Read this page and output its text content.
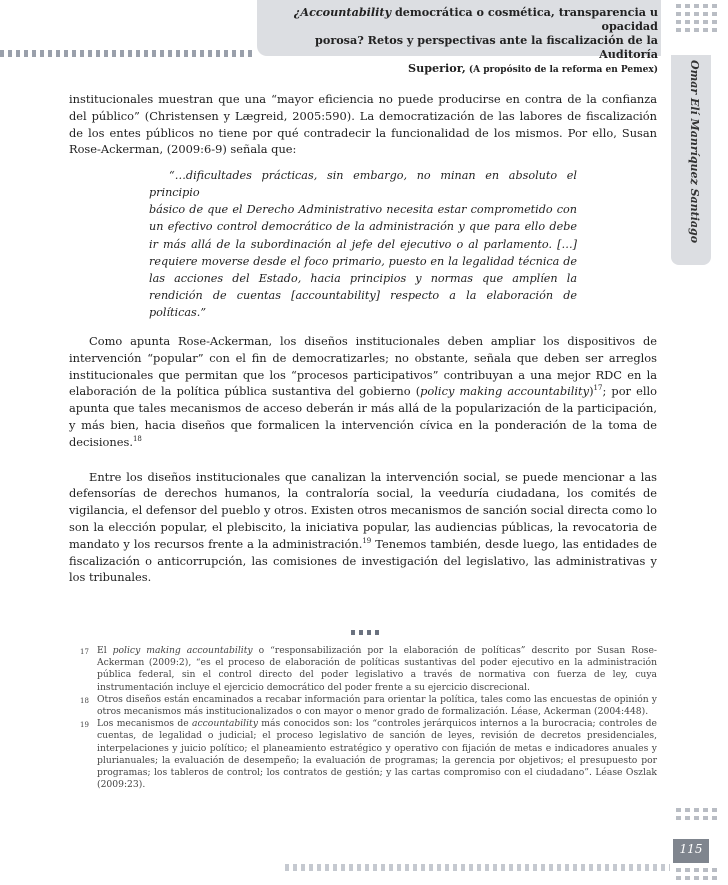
¿Accountability democrática o cosmética, transparencia u opacidad
porosa? Retos y perspectivas ante la fiscalización de la Auditoría
Superior, (A propósito de la reforma en Pemex)	Omar Elí Manríquez Santiago

institucionales muestran que una “mayor eficiencia no puede producirse en contra de la confianza del público” (Christensen y Lægreid, 2005:590). La democratización de las labores de fiscalización de los entes públicos no tiene por qué contradecir la funcionalidad de los mismos. Por ello, Susan Rose-Ackerman, (2009:6-9) señala que:

“…dificultades prácticas, sin embargo, no minan en absoluto el principio
básico de que el Derecho Administrativo necesita estar comprometido con un efectivo control democrático de la administración y que para ello debe ir más allá de la subordinación al jefe del ejecutivo o al parlamento. […] requiere moverse desde el foco primario, puesto en la legalidad técnica de las acciones del Estado, hacia principios y normas que amplíen la rendición de cuentas [accountability] respecto a la elaboración de políticas.”

Como apunta Rose-Ackerman, los diseños institucionales deben ampliar los dispositivos de intervención “popular” con el fin de democratizarles; no obstante, señala que deben ser arreglos institucionales que permitan que los “procesos participativos” contribuyan a una mejor RDC en la elaboración de la política pública sustantiva del gobierno (policy making accountability)$^{17}$; por ello apunta que tales mecanismos de acceso deberán ir más allá de la popularización de la participación, y más bien, hacia diseños que formalicen la intervención cívica en la ponderación de la toma de decisiones.$^{18}$

Entre los diseños institucionales que canalizan la intervención social, se puede mencionar a las defensorías de derechos humanos, la contraloría social, la veeduría ciudadana, los comités de vigilancia, el defensor del pueblo y otros. Existen otros mecanismos de sanción social directa como lo son la elección popular, el plebiscito, la iniciativa popular, las audiencias públicas, la revocatoria de mandato y los recursos frente a la administración.$^{19}$ Tenemos también, desde luego, las entidades de fiscalización o anticorrupción, las comisiones de investigación del legislativo, las administrativas y los tribunales.

17 El policy making accountability o “responsabilización por la elaboración de políticas” descrito por Susan Rose-Ackerman (2009:2), “es el proceso de elaboración de políticas sustantivas del poder ejecutivo en la administración pública federal, sin el control directo del poder legislativo a través de normativa con fuerza de ley, cuya instrumentación incluye el ejercicio democrático del poder frente a su ejercicio discrecional.

18 Otros diseños están encaminados a recabar información para orientar la política, tales como las encuestas de opinión y otros mecanismos más institucionalizados o con mayor o menor grado de formalización. Léase, Ackerman (2004:448).

19 Los mecanismos de accountability más conocidos son: los “controles jerárquicos internos a la burocracia; controles de cuentas, de legalidad o judicial; el proceso legislativo de sanción de leyes, revisión de decretos presidenciales, interpelaciones y juicio político; el planeamiento estratégico y operativo con fijación de metas e indicadores anuales y plurianuales; la evaluación de desempeño; la evaluación de programas; la gerencia por objetivos; el presupuesto por programas; los tableros de control; los contratos de gestión; y las cartas compromiso con el ciudadano”. Léase Oszlak (2009:23).

115
